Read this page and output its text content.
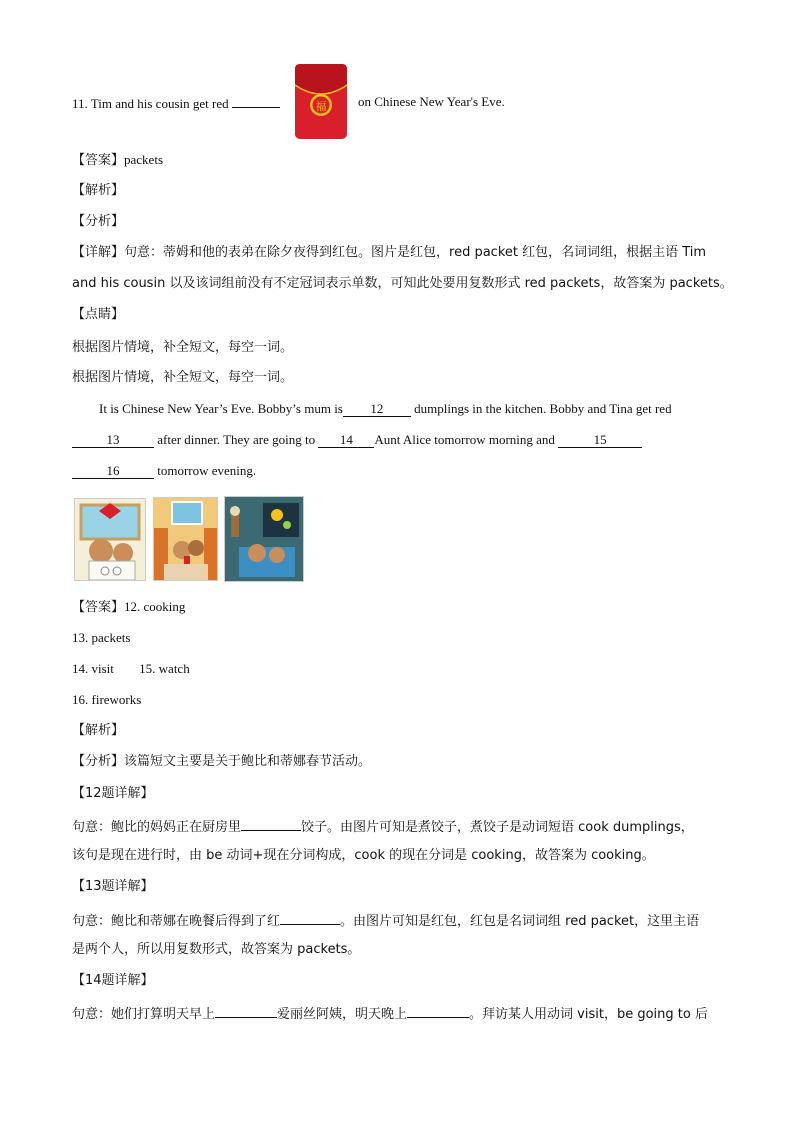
11. Tim and his cousin get red	on Chinese New Year's Eve.
福
【答案】packets
【解析】
【分析】
【详解】句意：蒂姆和他的表弟在除夕夜得到红包。图片是红包，red packet 红包，名词词组，根据主语 Tim
and his cousin 以及该词组前没有不定冠词表示单数，可知此处要用复数形式 red packets，故答案为 packets。
【点睛】
根据图片情境，补全短文，每空一词。
根据图片情境，补全短文，每空一词。
It is Chinese New Year’s Eve. Bobby’s mum is 12 dumplings in the kitchen. Bobby and Tina get red
13	after dinner. They are going to 14 Aunt Alice tomorrow morning and	15
16	tomorrow evening.
【答案】12. cooking
13. packets
14. visit 15. watch
16. fireworks
【解析】
【分析】该篇短文主要是关于鲍比和蒂娜春节活动。
【12题详解】
句意：鲍比的妈妈正在厨房里	饺子。由图片可知是煮饺子，煮饺子是动词短语 cook dumplings，
该句是现在进行时，由 be 动词+现在分词构成，cook 的现在分词是 cooking，故答案为 cooking。
【13题详解】
句意：鲍比和蒂娜在晚餐后得到了红	。由图片可知是红包，红包是名词词组 red packet，这里主语
是两个人，所以用复数形式，故答案为 packets。
【14题详解】
句意：她们打算明天早上	爱丽丝阿姨，明天晚上	。拜访某人用动词 visit，be going to 后
